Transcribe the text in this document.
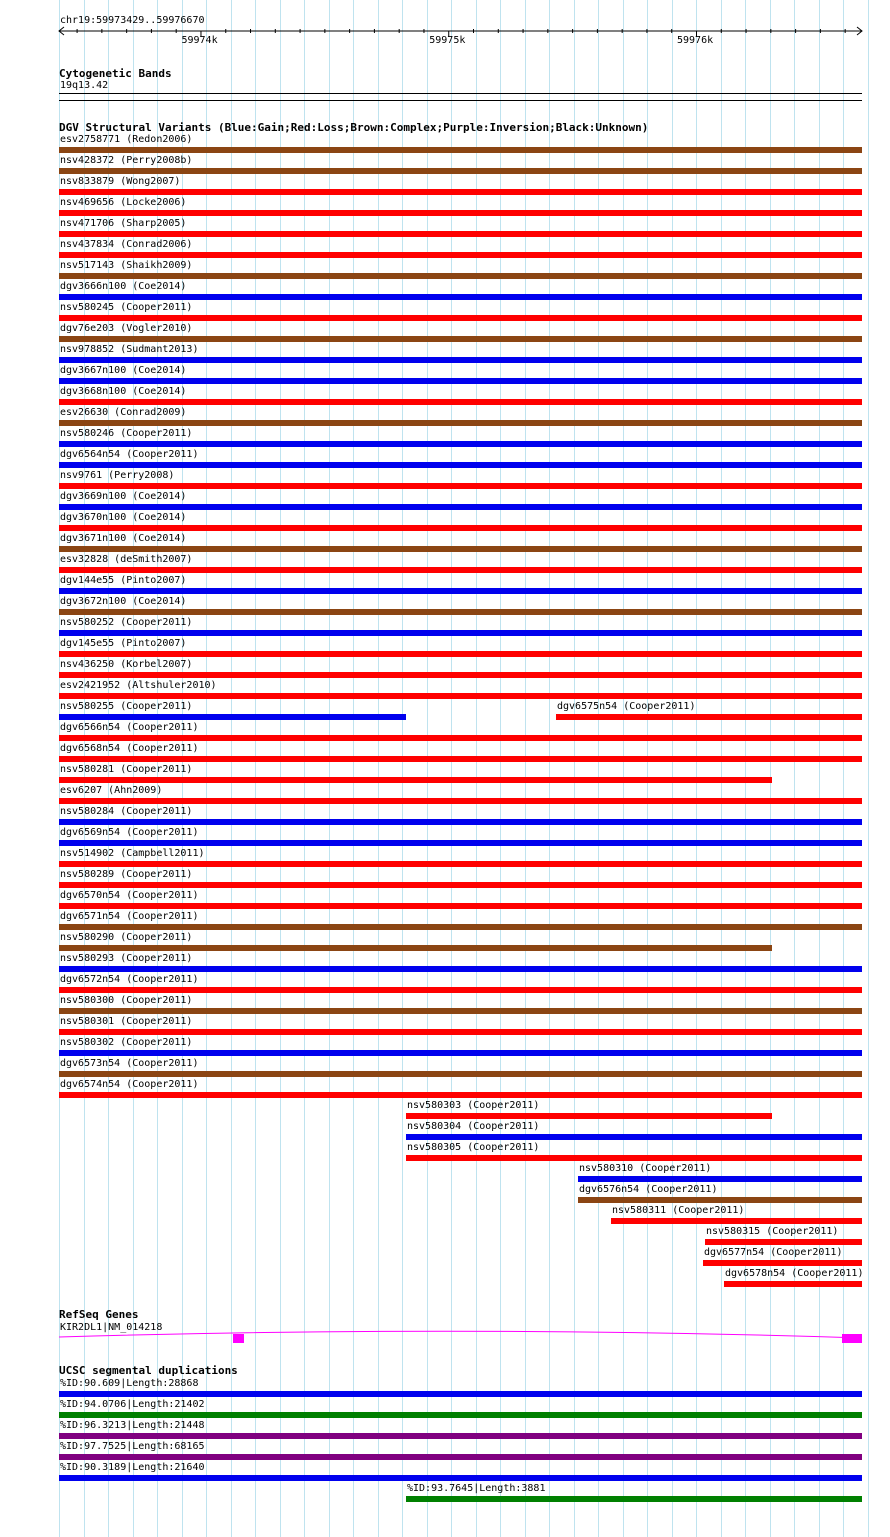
chr19:59973429..59976670
59974k	59975k	59976k
Cytogenetic Bands
19q13.42
DGV Structural Variants (Blue:Gain;Red:Loss;Brown:Complex;Purple:Inversion;Black:Unknown)
esv2758771 (Redon2006)
nsv428372 (Perry2008b)
nsv833879 (Wong2007)
nsv469656 (Locke2006)
nsv471706 (Sharp2005)
nsv437834 (Conrad2006)
nsv517143 (Shaikh2009)
dgv3666n100 (Coe2014)
nsv580245 (Cooper2011)
dgv76e203 (Vogler2010)
nsv978852 (Sudmant2013)
dgv3667n100 (Coe2014)
dgv3668n100 (Coe2014)
esv26630 (Conrad2009)
nsv580246 (Cooper2011)
dgv6564n54 (Cooper2011)
nsv9761 (Perry2008)
dgv3669n100 (Coe2014)
dgv3670n100 (Coe2014)
dgv3671n100 (Coe2014)
esv32828 (deSmith2007)
dgv144e55 (Pinto2007)
dgv3672n100 (Coe2014)
nsv580252 (Cooper2011)
dgv145e55 (Pinto2007)
nsv436250 (Korbel2007)
esv2421952 (Altshuler2010)
nsv580255 (Cooper2011)	dgv6575n54 (Cooper2011)
dgv6566n54 (Cooper2011)
dgv6568n54 (Cooper2011)
nsv580281 (Cooper2011)
esv6207 (Ahn2009)
nsv580284 (Cooper2011)
dgv6569n54 (Cooper2011)
nsv514902 (Campbell2011)
nsv580289 (Cooper2011)
dgv6570n54 (Cooper2011)
dgv6571n54 (Cooper2011)
nsv580290 (Cooper2011)
nsv580293 (Cooper2011)
dgv6572n54 (Cooper2011)
nsv580300 (Cooper2011)
nsv580301 (Cooper2011)
nsv580302 (Cooper2011)
dgv6573n54 (Cooper2011)
dgv6574n54 (Cooper2011)
nsv580303 (Cooper2011)
nsv580304 (Cooper2011)
nsv580305 (Cooper2011)
nsv580310 (Cooper2011)
dgv6576n54 (Cooper2011)
nsv580311 (Cooper2011)
nsv580315 (Cooper2011)
dgv6577n54 (Cooper2011)
dgv6578n54 (Cooper2011)
RefSeq Genes
KIR2DL1|NM_014218
UCSC segmental duplications
%ID:90.609|Length:28868
%ID:94.0706|Length:21402
%ID:96.3213|Length:21448
%ID:97.7525|Length:68165
%ID:90.3189|Length:21640
%ID:93.7645|Length:3881
